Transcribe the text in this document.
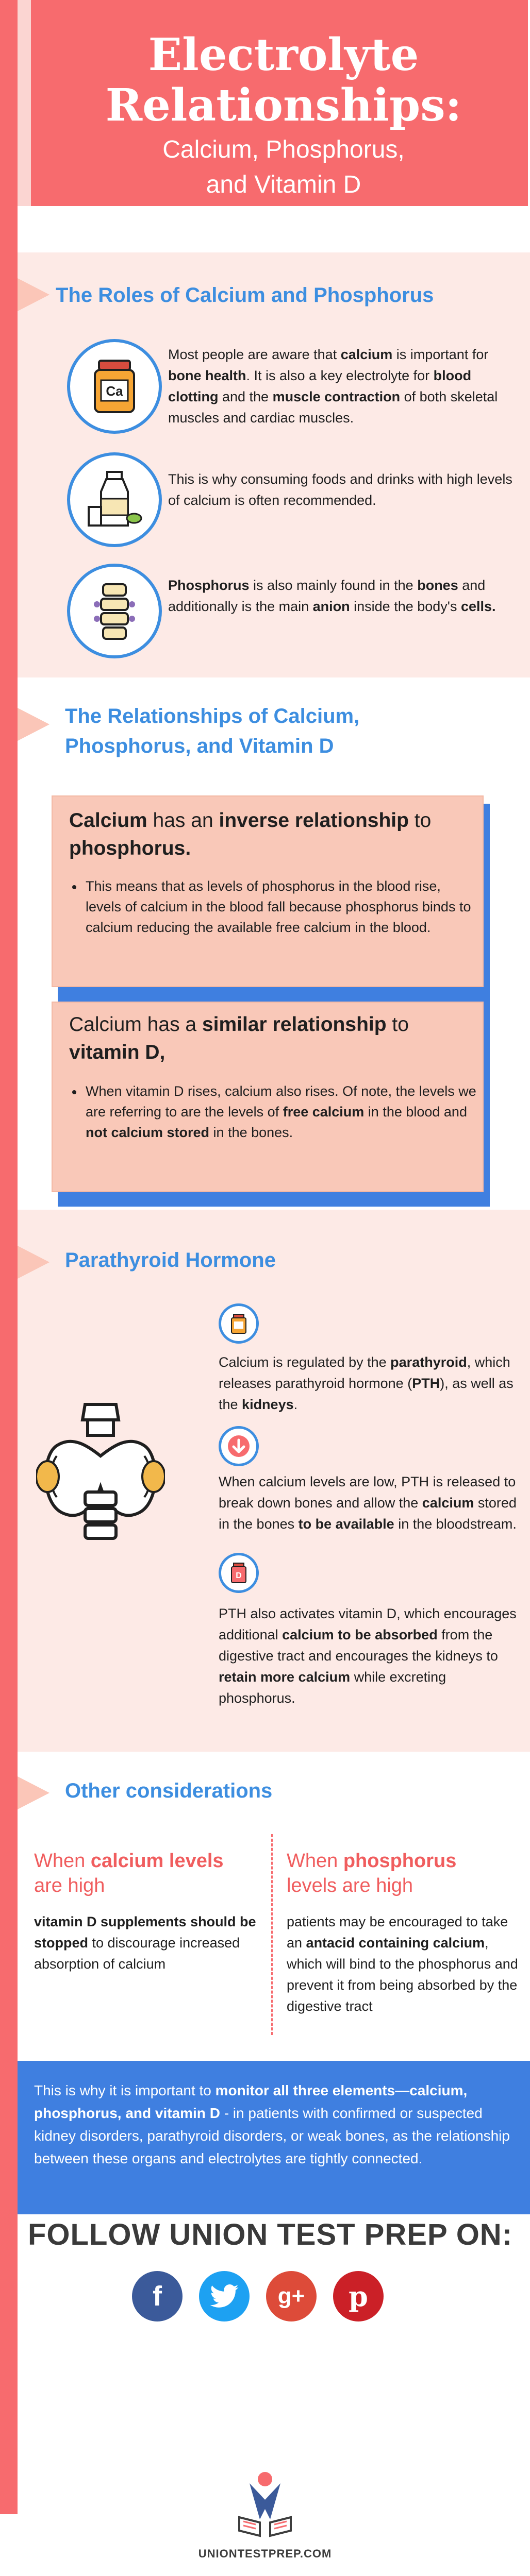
Electrolyte
Relationships:
Calcium, Phosphorus,
and Vitamin D
The Roles of Calcium and Phosphorus
Ca
Most people are aware that calcium is important for bone health. It is also a key electrolyte for blood clotting and the muscle contraction of both skeletal muscles and cardiac muscles.
This is why consuming foods and drinks with high levels of calcium is often recommended.
Phosphorus is also mainly found in the bones and additionally is the main anion inside the body's cells.
The Relationships of Calcium,
Phosphorus, and Vitamin D
Calcium has an inverse relationship to phosphorus.
This means that as levels of phosphorus in the blood rise, levels of calcium in the blood fall because phosphorus binds to calcium reducing the available free calcium in the blood.
Calcium has a similar relationship to vitamin D,
When vitamin D rises, calcium also rises. Of note, the levels we are referring to are the levels of free calcium in the blood and not calcium stored in the bones.
Parathyroid Hormone
Calcium is regulated by the parathyroid, which releases parathyroid hormone (PTH), as well as the kidneys.
When calcium levels are low, PTH is released to break down bones and allow the calcium stored in the bones to be available in the bloodstream.
D
PTH also activates vitamin D, which encourages additional calcium to be absorbed from the digestive tract and encourages the kidneys to retain more calcium while excreting phosphorus.
Other considerations
When calcium levels
are high
vitamin D supplements should be stopped to discourage increased absorption of calcium
When phosphorus
levels are high
patients may be encouraged to take an antacid containing calcium, which will bind to the phosphorus and prevent it from being absorbed by the digestive tract
This is why it is important to monitor all three elements—calcium, phosphorus, and vitamin D - in patients with confirmed or suspected kidney disorders, parathyroid disorders, or weak bones, as the relationship between these organs and electrolytes are tightly connected.
FOLLOW UNION TEST PREP ON:
f	g+ p
UNIONTESTPREP.COM
